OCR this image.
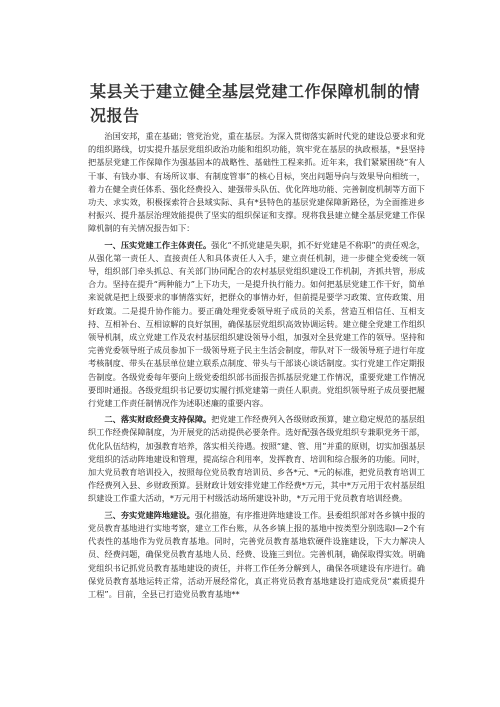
某县关于建立健全基层党建工作保障机制的情况报告

治国安邦，重在基础；管党治党，重在基层。为深入贯彻落实新时代党的建设总要求和党的组织路线，切实提升基层党组织政治功能和组织功能，筑牢党在基层的执政根基，*县坚持把基层党建工作保障作为强基固本的战略性、基础性工程来抓。近年来，我们紧紧围绕“有人干事、有钱办事、有场所议事、有制度管事”的核心目标，突出问题导向与效果导向相统一，着力在健全责任体系、强化经费投入、建强带头队伍、优化阵地功能、完善制度机制等方面下功夫、求实效，积极探索符合县域实际、具有*县特色的基层党建保障新路径，为全面推进乡村振兴、提升基层治理效能提供了坚实的组织保证和支撑。现将我县建立健全基层党建工作保障机制的有关情况报告如下：

一、压实党建工作主体责任。强化“不抓党建是失职，抓不好党建是不称职”的责任观念，从强化第一责任人、直接责任人和具体责任人入手，建立责任机制，进一步健全党委统一领导，组织部门牵头抓总、有关部门协同配合的农村基层党组织建设工作机制，齐抓共管，形成合力。坚持在提升“两种能力”上下功夫，一是提升执行能力。如何把基层党建工作干好，简单来说就是把上级要求的事情落实好，把群众的事情办好，但前提是要学习政策、宣传政策、用好政策。二是提升协作能力。要正确处理党委领导班子成员的关系，营造互相信任、互相支持、互相补台、互相谅解的良好氛围，确保基层党组织高效协调运转。建立健全党建工作组织领导机制，成立党建工作及农村基层组织建设领导小组，加强对全县党建工作的领导。坚持和完善党委领导班子成员参加下一级领导班子民主生活会制度，带队对下一级领导班子进行年度考核制度、带头在基层单位建立联系点制度、带头与干部谈心谈话制度。实行党建工作定期报告制度。各级党委每年要向上级党委组织部书面报告抓基层党建工作情况，重要党建工作情况要即时通报。各级党组织书记要切实履行抓党建第一责任人职责。党组织领导班子成员要把履行党建工作责任制情况作为述职述廉的重要内容。

二、落实财政经费支持保障。把党建工作经费列入各级财政预算，建立稳定规范的基层组织工作经费保障制度，为开展党的活动提供必要条件。选好配强各级党组织专兼职党务干部，优化队伍结构，加强教育培养，落实相关待遇。按照“建、管、用”并重的原则，切实加强基层党组织的活动阵地建设和管理，提高综合利用率，发挥教育、培训和综合服务的功能。同时，加大党员教育培训投入，按照每位党员教育培训员、乡各*元、*元的标准，把党员教育培训工作经费列入县、乡财政预算。县财政计划安排党建工作经费*万元，其中*万元用于农村基层组织建设工作重大活动，*万元用于村级活动场所建设补助，*万元用于党员教育培训经费。

三、夯实党建阵地建设。强化措施，有序推进阵地建设工作。县委组织部对各乡镇中报的党员教育基地进行实地考察，建立工作台账，从各乡镇上报的基地中按类型分别选取Ⅰ—2个有代表性的基地作为党员教育基地。同时，完善党员教育基地软硬件设施建设，下大力解决人员、经费问题，确保党员教育基地人员、经费、设施三到位。完善机制，确保取得实效。明确党组织书记抓党员教育基地建设的责任，并将工作任务分解到人，确保各项建设有序进行。确保党员教育基地运转正常，活动开展经常化，真正将党员教育基地建设打造成党员“素质提升工程”。目前，全县已打造党员教育基地**
